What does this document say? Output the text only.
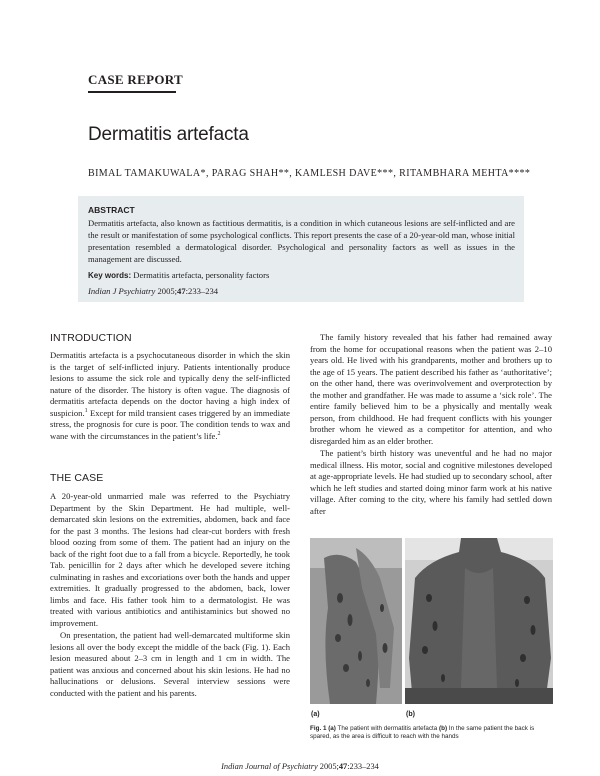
CASE REPORT
Dermatitis artefacta
BIMAL TAMAKUWALA*, PARAG SHAH**, KAMLESH DAVE***, RITAMBHARA MEHTA****
ABSTRACT
Dermatitis artefacta, also known as factitious dermatitis, is a condition in which cutaneous lesions are self-inflicted and are the result or manifestation of some psychological conflicts. This report presents the case of a 20-year-old man, whose initial presentation resembled a dermatological disorder. Psychological and personality factors as well as issues in the management are discussed.
Key words: Dermatitis artefacta, personality factors
Indian J Psychiatry 2005;47:233–234
INTRODUCTION

Dermatitis artefacta is a psychocutaneous disorder in which the skin is the target of self-inflicted injury. Patients intentionally produce lesions to assume the sick role and typically deny the self-inflicted nature of the disorder. The history is often vague. The diagnosis of dermatitis artefacta depends on the doctor having a high index of suspicion.$^1$ Except for mild transient cases triggered by an immediate stress, the prognosis for cure is poor. The condition tends to wax and wane with the circumstances in the patient’s life.$^2$

THE CASE

A 20-year-old unmarried male was referred to the Psychiatry Department by the Skin Department. He had multiple, well-demarcated skin lesions on the extremities, abdomen, back and face for the past 3 months. The lesions had clear-cut borders with fresh blood oozing from some of them. The patient had an injury on the back of the right foot due to a fall from a bicycle. Reportedly, he took Tab. penicillin for 2 days after which he developed severe itching culminating in rashes and excoriations over both the hands and upper extremities. It gradually progressed to the abdomen, back, lower limbs and face. His father took him to a dermatologist. He was treated with various antibiotics and antihistaminics but showed no improvement.

On presentation, the patient had well-demarcated multiforme skin lesions all over the body except the middle of the back (Fig. 1). Each lesion measured about 2–3 cm in length and 1 cm in width. The patient was anxious and concerned about his skin lesions. He had no hallucinations or delusions. Several interview sessions were conducted with the patient and his parents.

The family history revealed that his father had remained away from the home for occupational reasons when the patient was 2–10 years old. He lived with his grandparents, mother and brothers up to the age of 15 years. The patient described his father as ‘authoritative’; on the other hand, there was overinvolvement and overprotection by the mother and grandfather. He was made to assume a ‘sick role’. The entire family believed him to be a physically and mentally weak person, from childhood. He had frequent conflicts with his younger brother whom he viewed as a competitor for attention, and who disregarded him as an elder brother.

The patient’s birth history was uneventful and he had no major medical illness. His motor, social and cognitive milestones developed at age-appropriate levels. He had studied up to secondary school, after which he left studies and started doing minor farm work at his native village. After coming to the city, where his family had settled down after

(a)	(b)
Fig. 1 (a) The patient with dermatitis artefacta (b) In the same patient the back is spared, as the area is difficult to reach with the hands
Indian Journal of Psychiatry 2005;47:233–234
